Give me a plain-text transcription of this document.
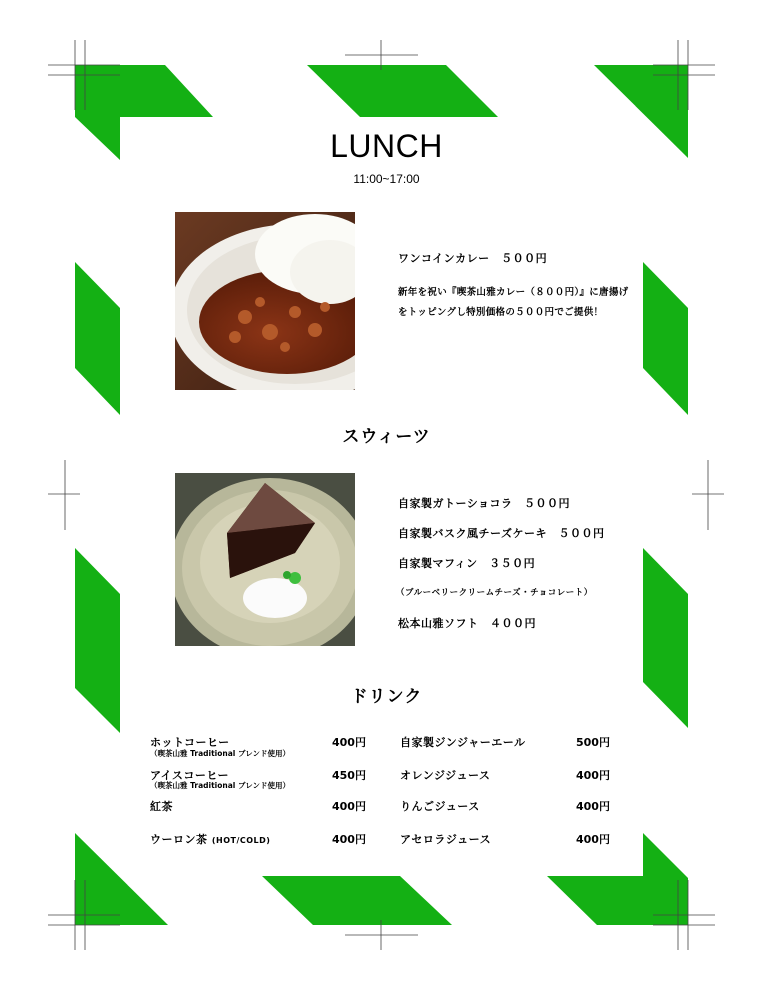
LUNCH
11:00~17:00
ワンコインカレー　５００円
新年を祝い『喫茶山雅カレー（８００円）』に唐揚げをトッピングし特別価格の５００円でご提供！
スウィーツ
自家製ガトーショコラ　５００円
自家製バスク風チーズケーキ　５００円
自家製マフィン　３５０円
（ブルーベリークリームチーズ・チョコレート）
松本山雅ソフト　４００円
ドリンク
ホットコーヒー
（喫茶山雅 Traditional ブレンド使用）
400円
アイスコーヒー
（喫茶山雅 Traditional ブレンド使用）
450円
紅茶	400円
ウーロン茶 (HOT/COLD)	400円
自家製ジンジャーエール	500円
オレンジジュース	400円
りんごジュース	400円
アセロラジュース	400円
